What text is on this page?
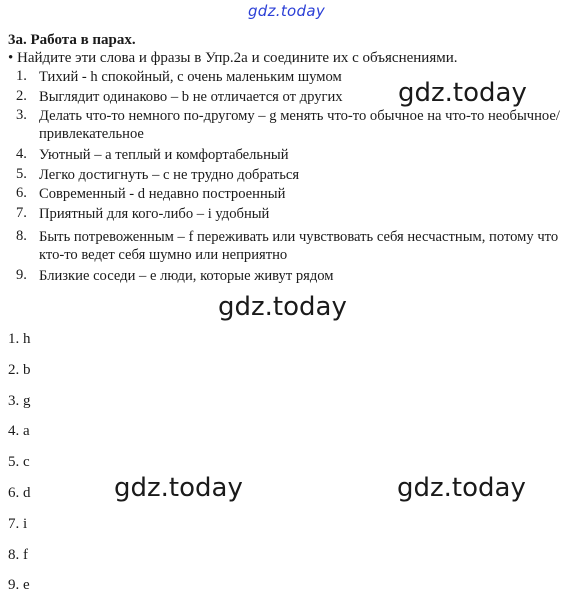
gdz.today
3a. Работа в парах.
• Найдите эти слова и фразы в Упр.2а и соедините их с объяснениями.
1. Тихий - h спокойный, с очень маленьким шумом
2. Выглядит одинаково – b не отличается от других
3. Делать что-то немного по-другому – g менять что-то обычное на что-то необычное/привлекательное
4. Уютный – a теплый и комфортабельный
5. Легко достигнуть – c не трудно добраться
6. Современный - d недавно построенный
7. Приятный для кого-либо – i удобный
8. Быть потревоженным – f переживать или чувствовать себя несчастным, потому что кто-то ведет себя шумно или неприятно
9. Близкие соседи – e люди, которые живут рядом
1. h
2. b
3. g
4. a
5. c
6. d
7. i
8. f
9. e
gdz.today
gdz.today
gdz.today	gdz.today
